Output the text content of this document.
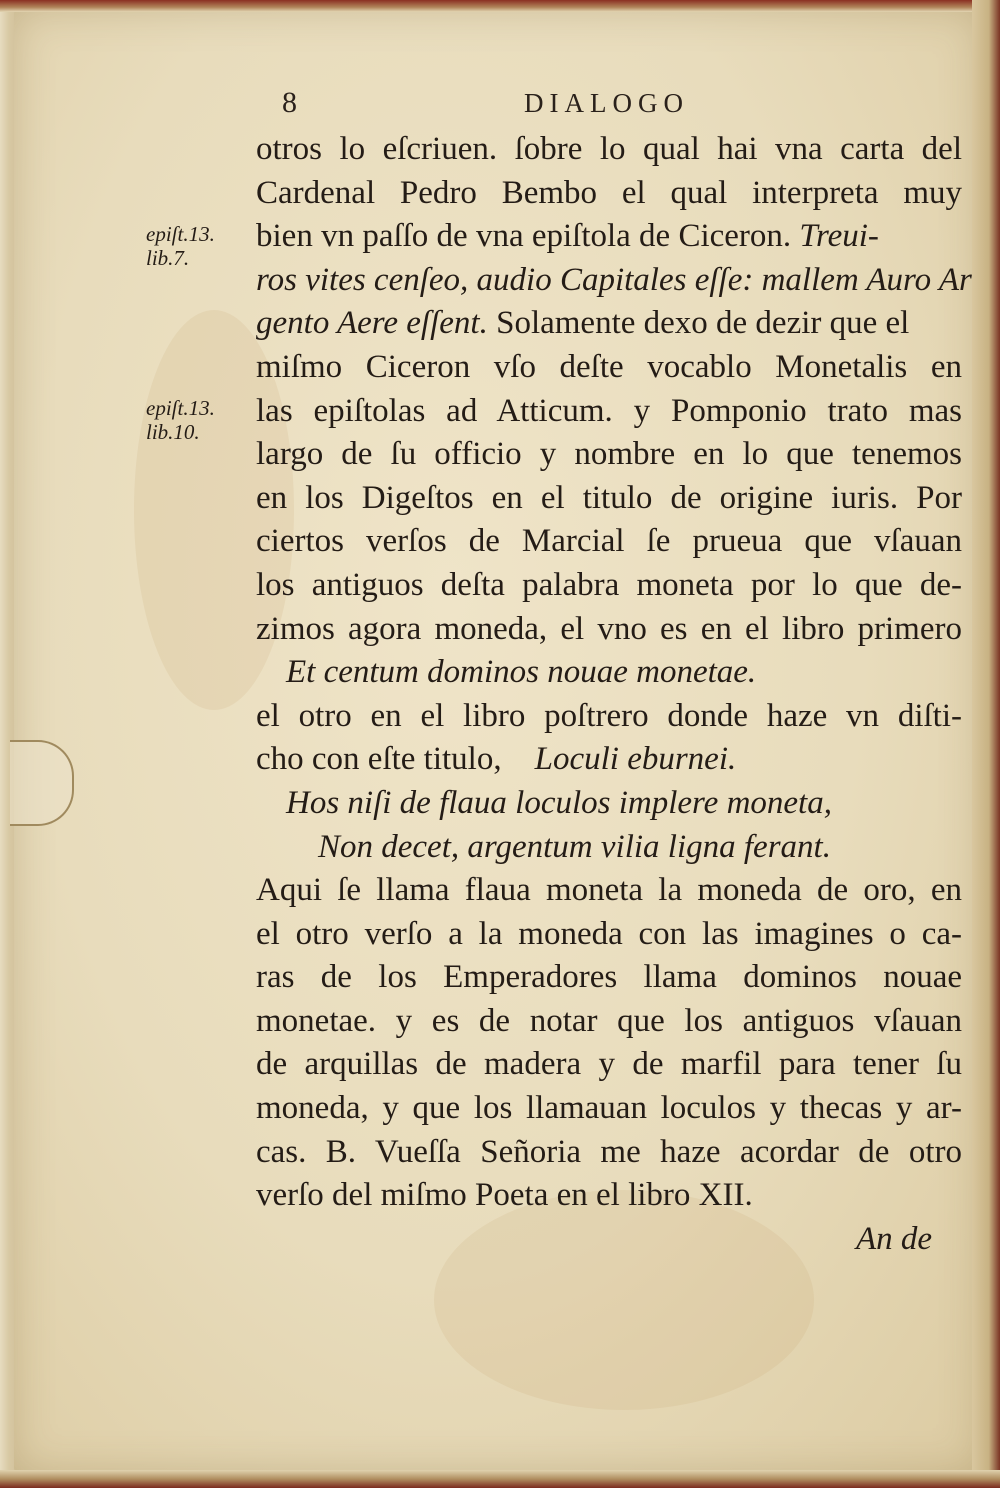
8	DIALOGO
epiſt.13.
lib.7.
epiſt.13.
lib.10.
otros lo eſcriuen. ſobre lo qual hai vna carta del
Cardenal Pedro Bembo el qual interpreta muy
bien vn paſſo de vna epiſtola de Ciceron. Treui-
ros vites cenſeo, audio Capitales eſſe: mallem Auro Ar
gento Aere eſſent. Solamente dexo de dezir que el
miſmo Ciceron vſo deſte vocablo Monetalis en
las epiſtolas ad Atticum. y Pomponio trato mas
largo de ſu officio y nombre en lo que tenemos
en los Digeſtos en el titulo de origine iuris. Por
ciertos verſos de Marcial ſe prueua que vſauan
los antiguos deſta palabra moneta por lo que de-
zimos agora moneda, el vno es en el libro primero
Et centum dominos nouae monetae.
el otro en el libro poſtrero donde haze vn diſti-
cho con eſte titulo, Loculi eburnei.
Hos niſi de flaua loculos implere moneta,
Non decet, argentum vilia ligna ferant.
Aqui ſe llama flaua moneta la moneda de oro, en
el otro verſo a la moneda con las imagines o ca-
ras de los Emperadores llama dominos nouae
monetae. y es de notar que los antiguos vſauan
de arquillas de madera y de marfil para tener ſu
moneda, y que los llamauan loculos y thecas y ar-
cas. B. Vueſſa Señoria me haze acordar de otro
verſo del miſmo Poeta en el libro XII.
An de
